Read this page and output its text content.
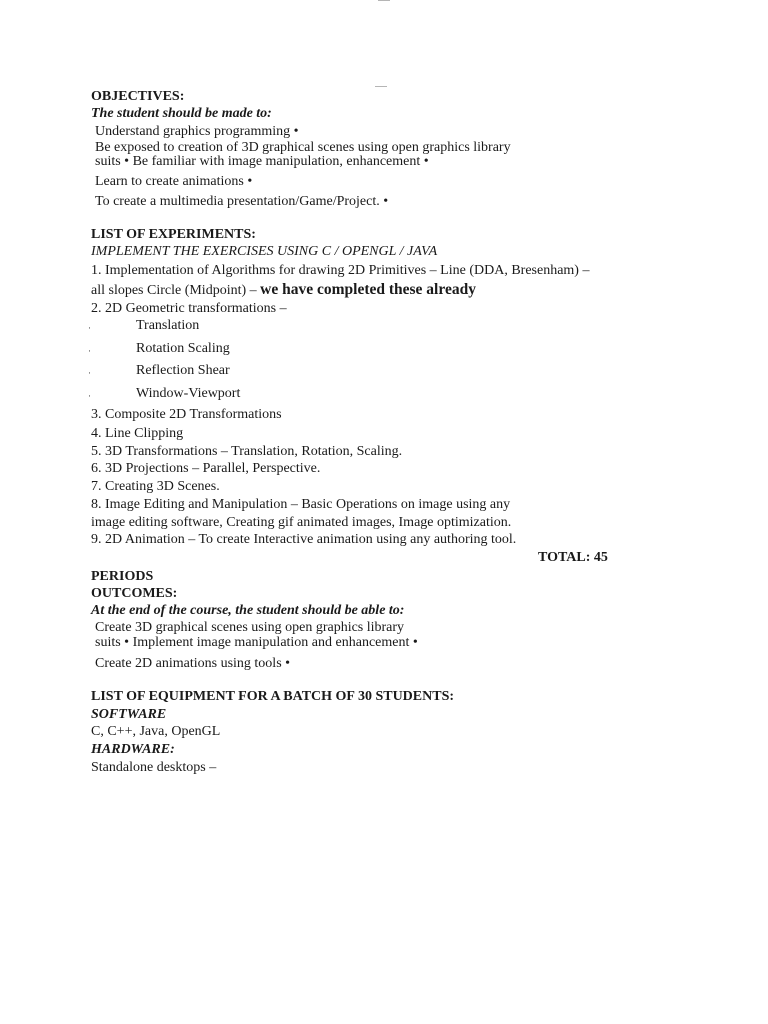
OBJECTIVES:
The student should be made to:
Understand graphics programming •
Be exposed to creation of 3D graphical scenes using open graphics library
suits • Be familiar with image manipulation, enhancement •
Learn to create animations •
To create a multimedia presentation/Game/Project. •
LIST OF EXPERIMENTS:
IMPLEMENT THE EXERCISES USING C / OPENGL / JAVA
1. Implementation of Algorithms for drawing 2D Primitives – Line (DDA, Bresenham) –
all slopes Circle (Midpoint) – we have completed these already
2. 2D Geometric transformations –
·	Translation
·	Rotation Scaling
·	Reflection Shear
·	Window-Viewport
3. Composite 2D Transformations
4. Line Clipping
5. 3D Transformations – Translation, Rotation, Scaling.
6. 3D Projections – Parallel, Perspective.
7. Creating 3D Scenes.
8. Image Editing and Manipulation – Basic Operations on image using any
image editing software, Creating gif animated images, Image optimization.
9. 2D Animation – To create Interactive animation using any authoring tool.
TOTAL: 45
PERIODS
OUTCOMES:
At the end of the course, the student should be able to:
Create 3D graphical scenes using open graphics library
suits • Implement image manipulation and enhancement •
Create 2D animations using tools •
LIST OF EQUIPMENT FOR A BATCH OF 30 STUDENTS:
SOFTWARE
C, C++, Java, OpenGL
HARDWARE:
Standalone desktops –
